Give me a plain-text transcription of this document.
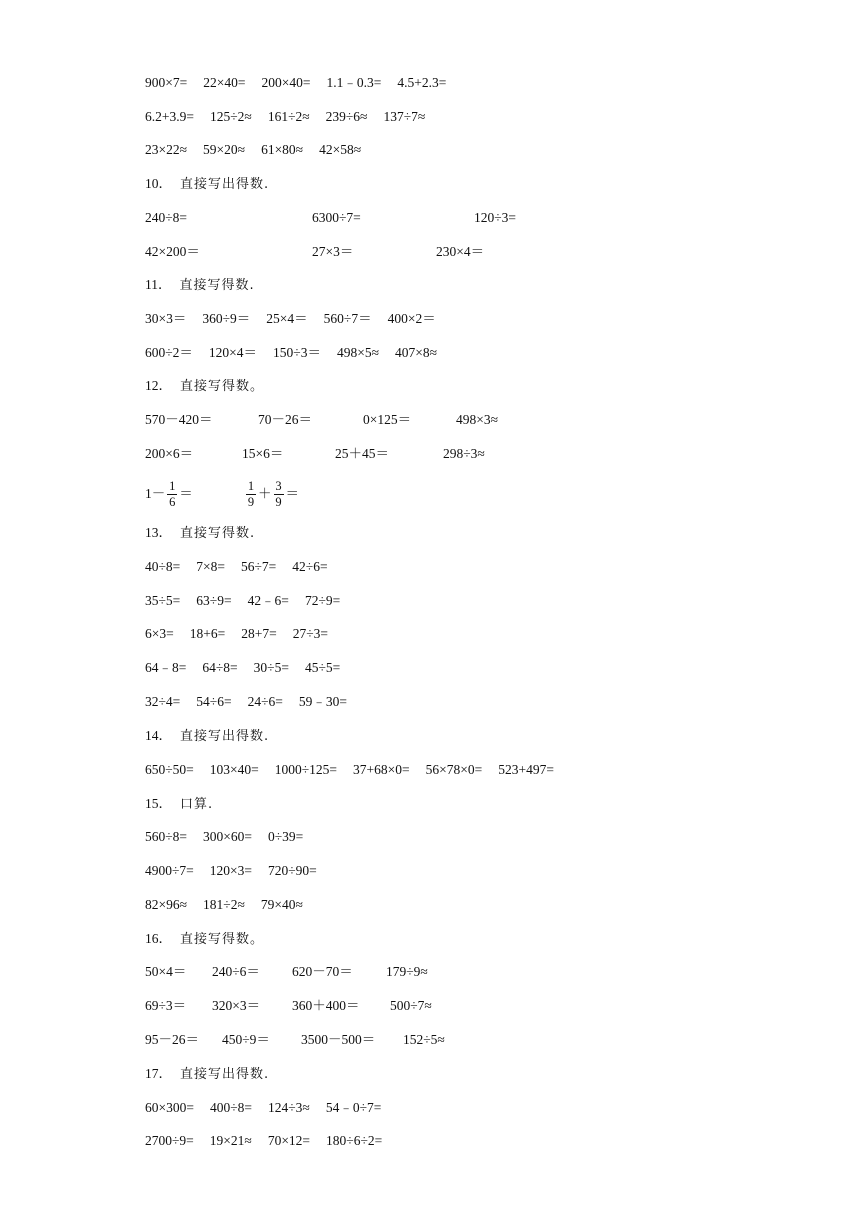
900×7= 22×40= 200×40= 1.1﹣0.3= 4.5+2.3=
6.2+3.9= 125÷2≈ 161÷2≈ 239÷6≈ 137÷7≈
23×22≈ 59×20≈ 61×80≈ 42×58≈
10． 直接写出得数.
240÷8=	6300÷7=	120÷3=
42×200＝	27×3＝	230×4＝
11． 直接写得数.
30×3＝ 360÷9＝ 25×4＝ 560÷7＝ 400×2＝
600÷2＝ 120×4＝ 150÷3＝ 498×5≈ 407×8≈
12． 直接写得数。
570－420＝	70－26＝	0×125＝	498×3≈
200×6＝	15×6＝	25＋45＝	298÷3≈
$1- \frac{1}{6}$ ＝	$\frac{1}{9} + \frac{3}{9}$ ＝
13． 直接写得数.
40÷8= 7×8= 56÷7= 42÷6=
35÷5= 63÷9= 42﹣6= 72÷9=
6×3= 18+6= 28+7= 27÷3=
64﹣8= 64÷8= 30÷5= 45÷5=
32÷4= 54÷6= 24÷6= 59﹣30=
14． 直接写出得数.
650÷50= 103×40= 1000÷125= 37+68×0= 56×78×0= 523+497=
15． 口算.
560÷8= 300×60= 0÷39=
4900÷7= 120×3= 720÷90=
82×96≈ 181÷2≈ 79×40≈
16． 直接写得数。
50×4＝ 240÷6＝ 620－70＝ 179÷9≈
69÷3＝ 320×3＝ 360＋400＝ 500÷7≈
95－26＝ 450÷9＝ 3500－500＝ 152÷5≈
17． 直接写出得数.
60×300= 400÷8= 124÷3≈ 54﹣0÷7=
2700÷9= 19×21≈ 70×12= 180÷6÷2=
